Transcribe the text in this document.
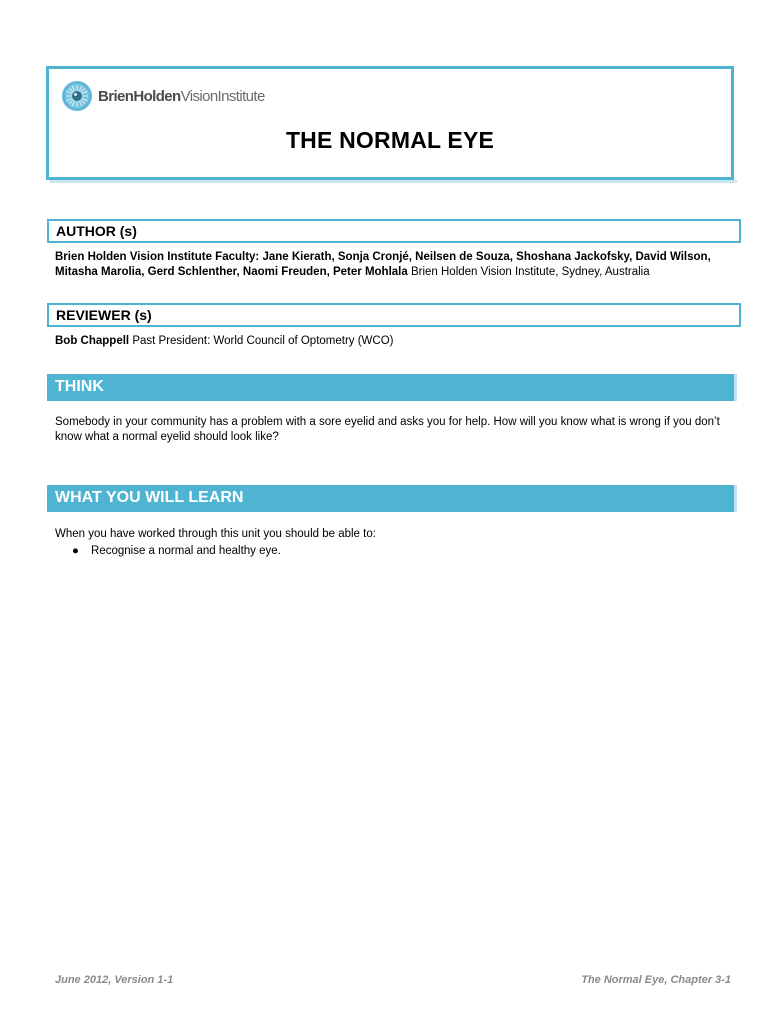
BrienHoldenVisionInstitute
THE NORMAL EYE
AUTHOR (s)
Brien Holden Vision Institute Faculty: Jane Kierath, Sonja Cronjé, Neilsen de Souza, Shoshana Jackofsky, David Wilson, Mitasha Marolia, Gerd Schlenther, Naomi Freuden, Peter Mohlala Brien Holden Vision Institute, Sydney, Australia
REVIEWER (s)
Bob Chappell Past President: World Council of Optometry (WCO)
THINK
Somebody in your community has a problem with a sore eyelid and asks you for help. How will you know what is wrong if you don’t know what a normal eyelid should look like?
WHAT YOU WILL LEARN
When you have worked through this unit you should be able to:
● Recognise a normal and healthy eye.
June 2012, Version 1-1	The Normal Eye, Chapter 3-1
